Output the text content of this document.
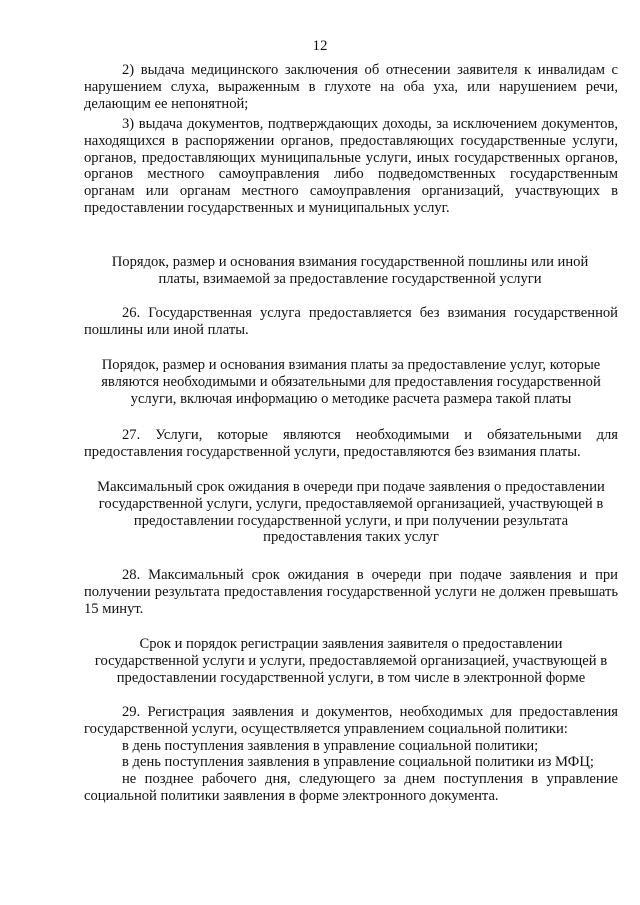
12

2) выдача медицинского заключения об отнесении заявителя к инвалидам с нарушением слуха, выраженным в глухоте на оба уха, или нарушением речи, делающим ее непонятной;

3) выдача документов, подтверждающих доходы, за исключением документов, находящихся в распоряжении органов, предоставляющих государственные услуги, органов, предоставляющих муниципальные услуги, иных государственных органов, органов местного самоуправления либо подведомственных государственным органам или органам местного самоуправления организаций, участвующих в предоставлении государственных и муниципальных услуг.

Порядок, размер и основания взимания государственной пошлины или иной платы, взимаемой за предоставление государственной услуги

26. Государственная услуга предоставляется без взимания государственной пошлины или иной платы.

Порядок, размер и основания взимания платы за предоставление услуг, которые являются необходимыми и обязательными для предоставления государственной услуги, включая информацию о методике расчета размера такой платы

27. Услуги, которые являются необходимыми и обязательными для предоставления государственной услуги, предоставляются без взимания платы.

Максимальный срок ожидания в очереди при подаче заявления о предоставлении государственной услуги, услуги, предоставляемой организацией, участвующей в предоставлении государственной услуги, и при получении результата предоставления таких услуг

28. Максимальный срок ожидания в очереди при подаче заявления и при получении результата предоставления государственной услуги не должен превышать 15 минут.

Срок и порядок регистрации заявления заявителя о предоставлении государственной услуги и услуги, предоставляемой организацией, участвующей в предоставлении государственной услуги, в том числе в электронной форме

29. Регистрация заявления и документов, необходимых для предоставления государственной услуги, осуществляется управлением социальной политики:

в день поступления заявления в управление социальной политики;

в день поступления заявления в управление социальной политики из МФЦ;

не позднее рабочего дня, следующего за днем поступления в управление социальной политики заявления в форме электронного документа.
